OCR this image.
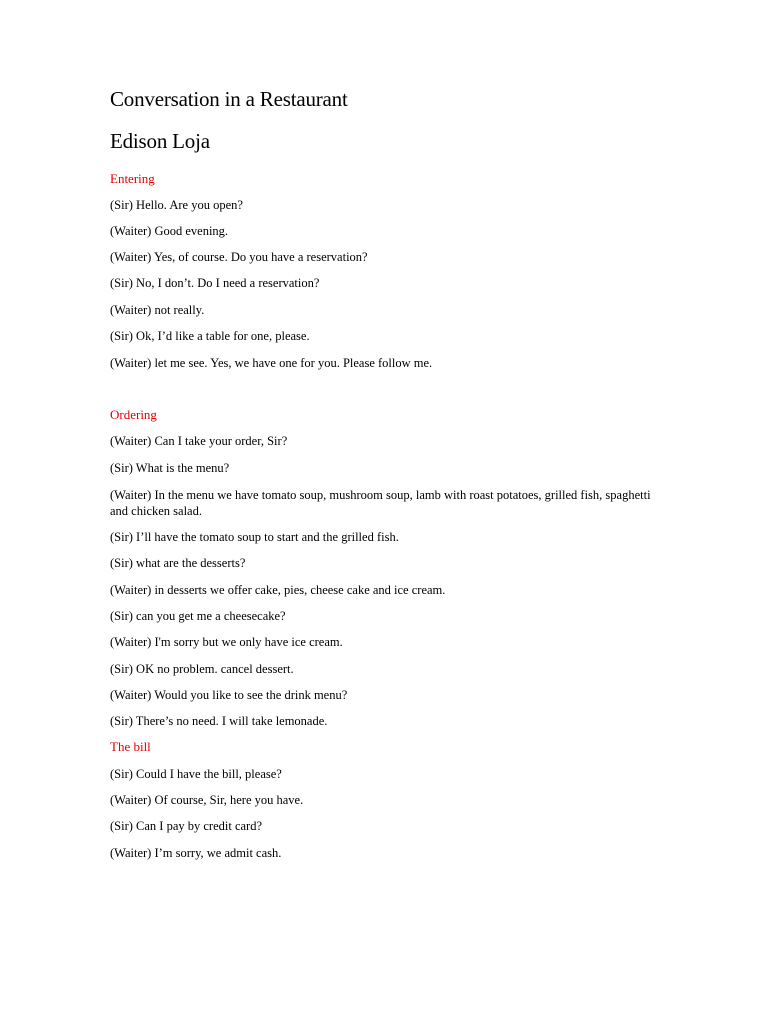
Conversation in a Restaurant
Edison Loja
Entering
(Sir) Hello. Are you open?
(Waiter) Good evening.
(Waiter) Yes, of course. Do you have a reservation?
(Sir) No, I don’t. Do I need a reservation?
(Waiter) not really.
(Sir) Ok, I’d like a table for one, please.
(Waiter) let me see. Yes, we have one for you. Please follow me.
Ordering
(Waiter) Can I take your order, Sir?
(Sir) What is the menu?
(Waiter) In the menu we have tomato soup, mushroom soup, lamb with roast potatoes, grilled fish, spaghetti and chicken salad.
(Sir) I’ll have the tomato soup to start and the grilled fish.
(Sir) what are the desserts?
(Waiter) in desserts we offer cake, pies, cheese cake and ice cream.
(Sir) can you get me a cheesecake?
(Waiter) I'm sorry but we only have ice cream.
(Sir) OK no problem. cancel dessert.
(Waiter) Would you like to see the drink menu?
(Sir) There’s no need. I will take lemonade.
The bill
(Sir) Could I have the bill, please?
(Waiter) Of course, Sir, here you have.
(Sir) Can I pay by credit card?
(Waiter) I’m sorry, we admit cash.
